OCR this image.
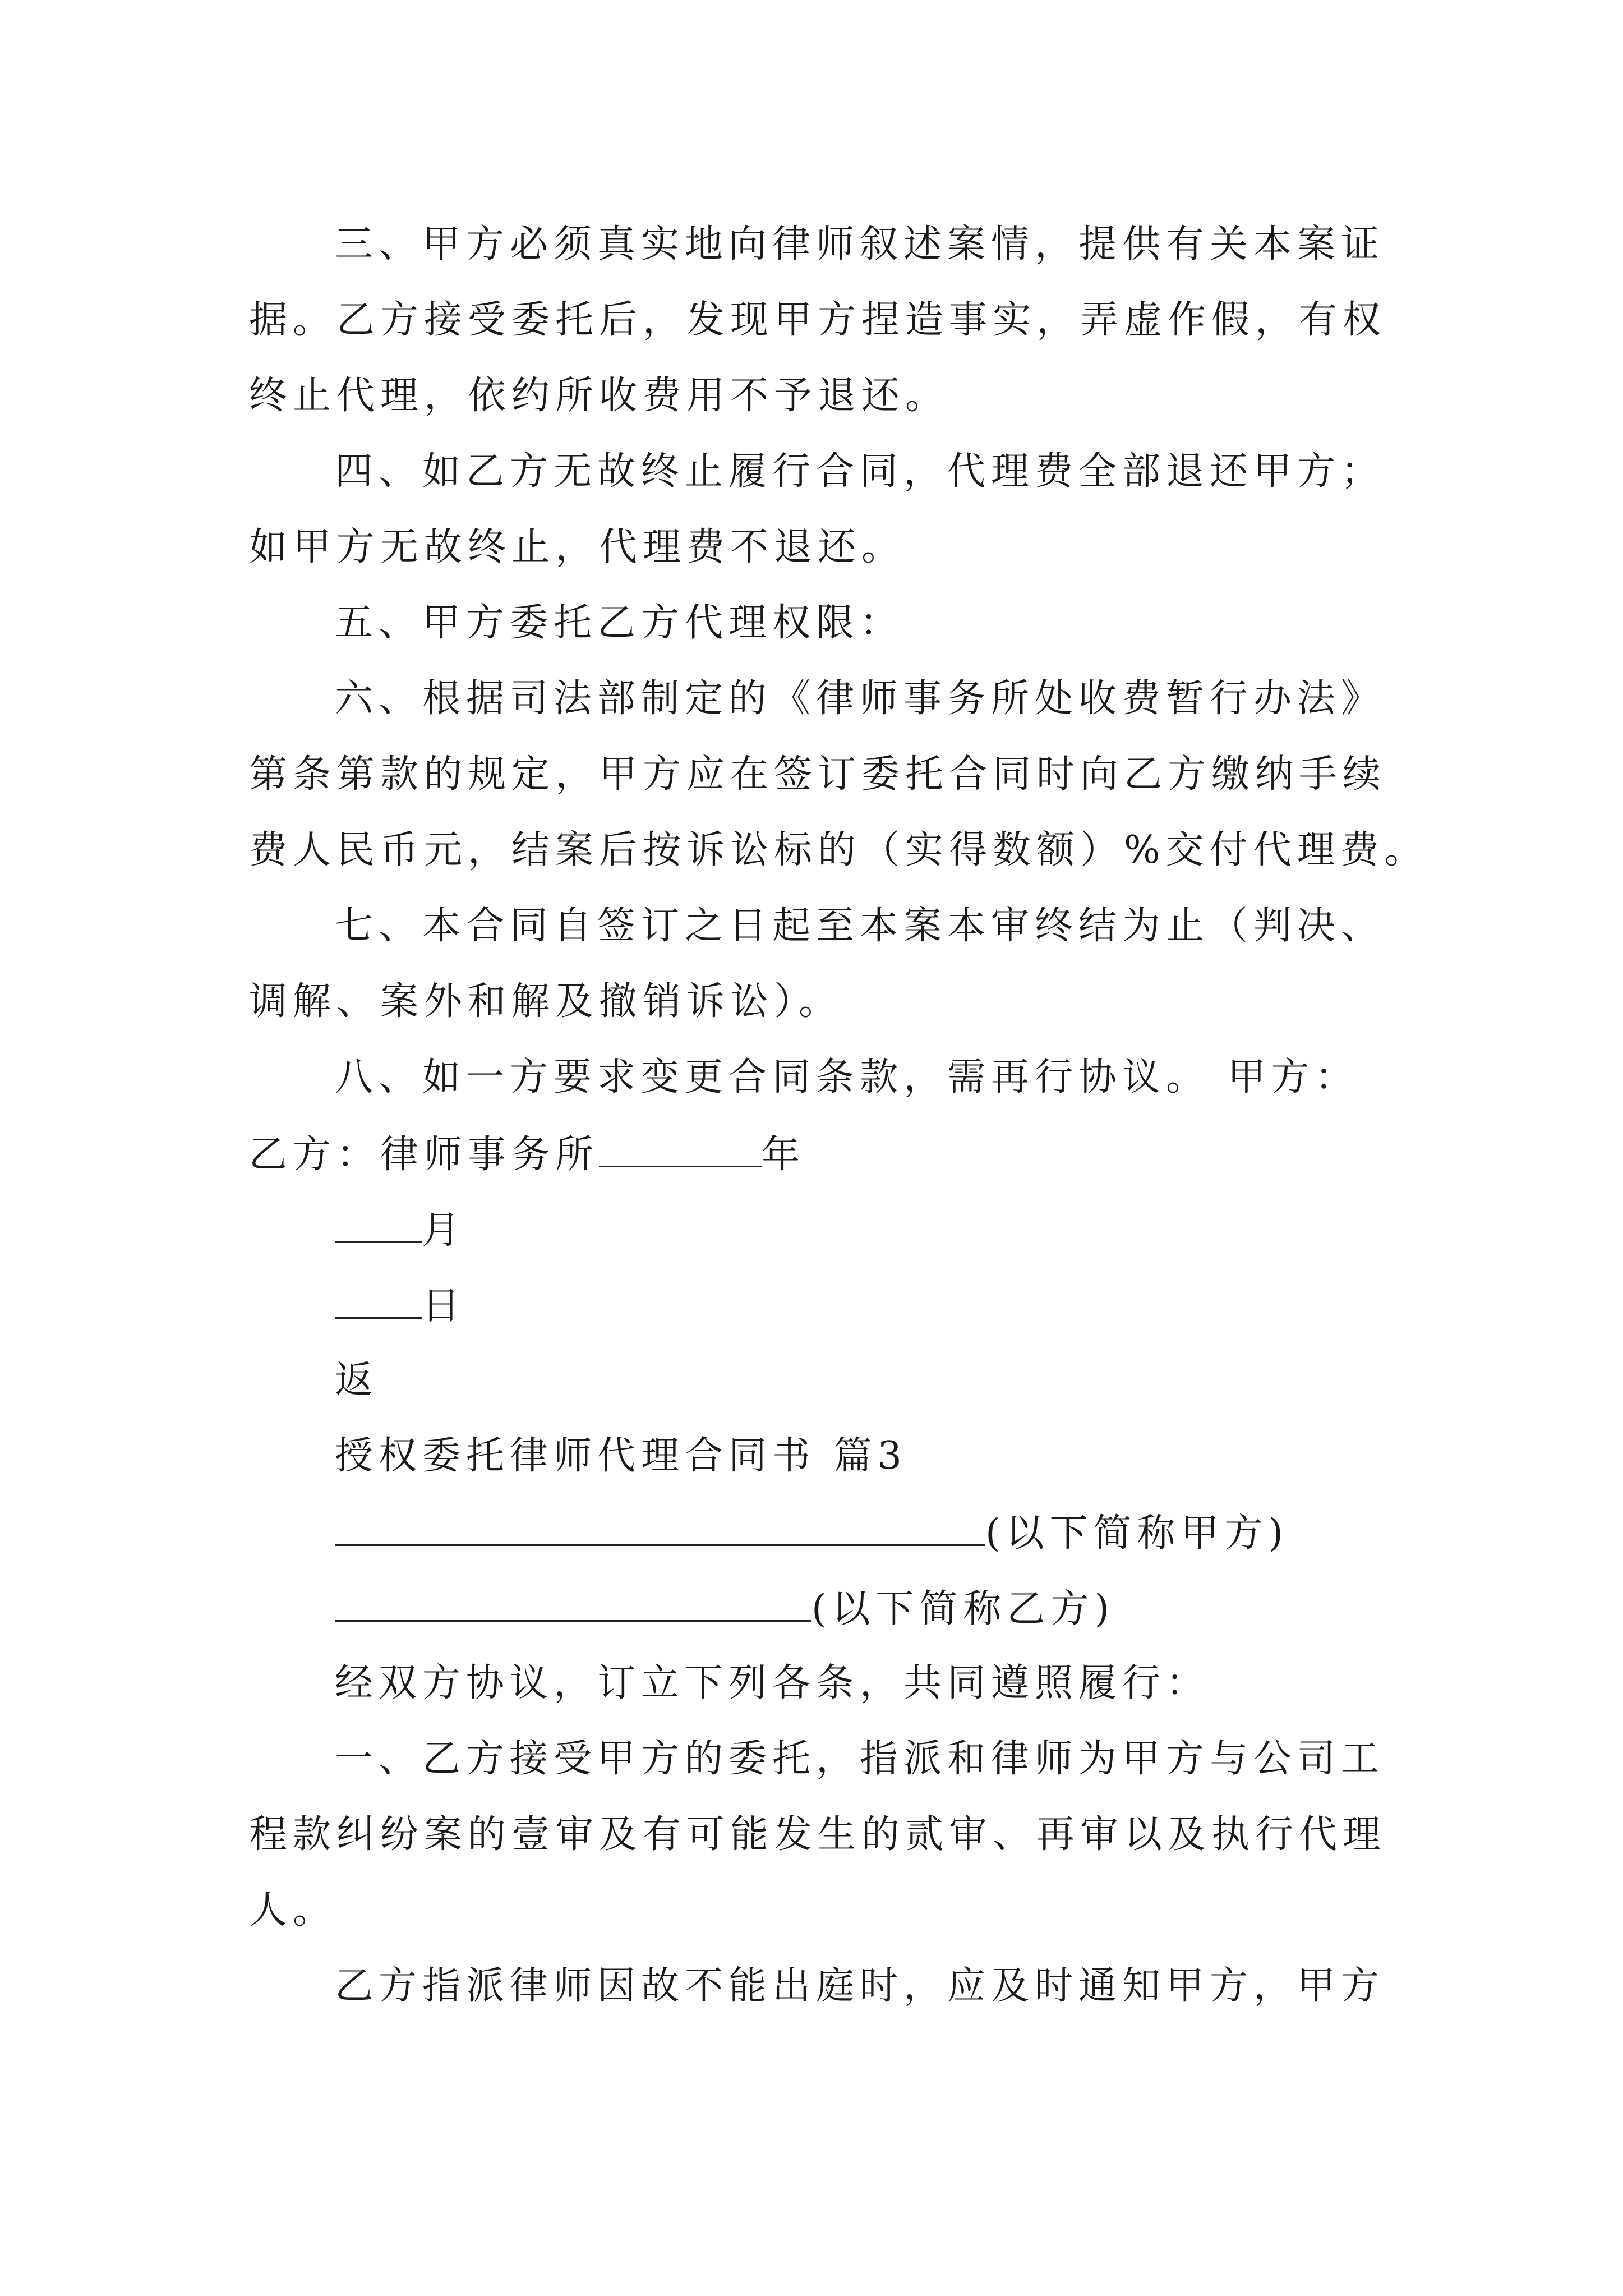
三、甲方必须真实地向律师叙述案情，提供有关本案证

据。乙方接受委托后，发现甲方捏造事实，弄虚作假，有权

终止代理，依约所收费用不予退还。

四、如乙方无故终止履行合同，代理费全部退还甲方；

如甲方无故终止，代理费不退还。

五、甲方委托乙方代理权限：

六、根据司法部制定的《律师事务所处收费暂行办法》

第条第款的规定，甲方应在签订委托合同时向乙方缴纳手续

费人民币元，结案后按诉讼标的（实得数额）%交付代理费。

七、本合同自签订之日起至本案本审终结为止（判决、

调解、案外和解及撤销诉讼）。

八、如一方要求变更合同条款，需再行协议。 甲方：

乙方：律师事务所	年

月

日

返

授权委托律师代理合同书 篇3

(以下简称甲方)

(以下简称乙方)

经双方协议，订立下列各条，共同遵照履行：

一、乙方接受甲方的委托，指派和律师为甲方与公司工

程款纠纷案的壹审及有可能发生的贰审、再审以及执行代理

人。

乙方指派律师因故不能出庭时，应及时通知甲方，甲方
